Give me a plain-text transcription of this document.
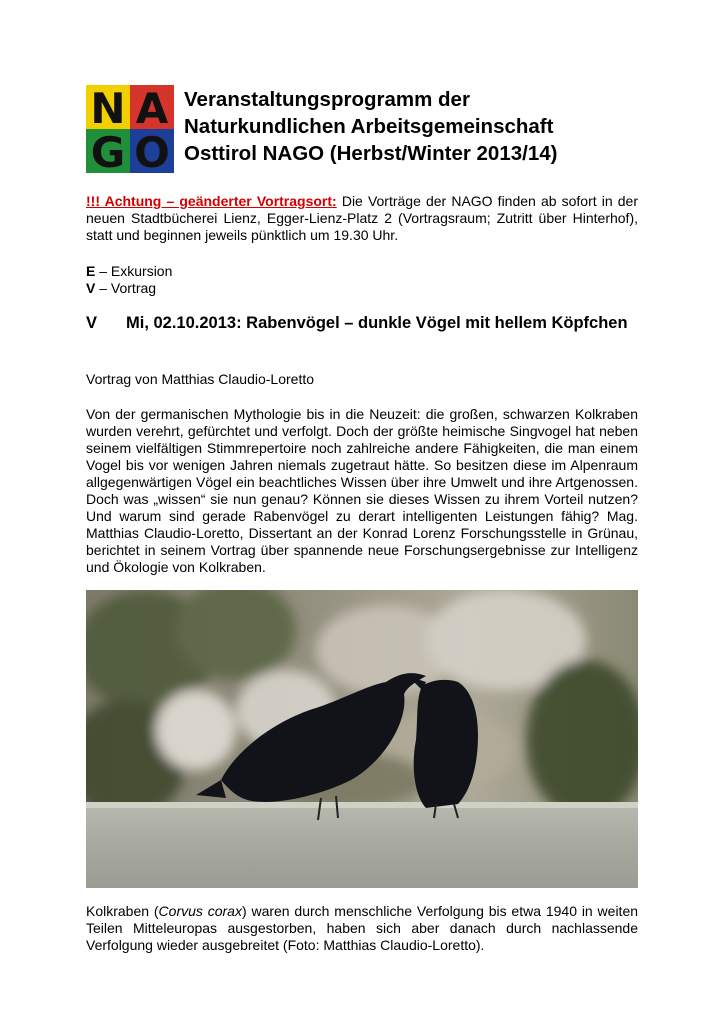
N A
G O
Veranstaltungsprogramm der
Naturkundlichen Arbeitsgemeinschaft
Osttirol NAGO (Herbst/Winter 2013/14)
!!! Achtung – geänderter Vortragsort: Die Vorträge der NAGO finden ab sofort in der neuen Stadtbücherei Lienz, Egger-Lienz-Platz 2 (Vortragsraum; Zutritt über Hinterhof), statt und beginnen jeweils pünktlich um 19.30 Uhr.
E – Exkursion
V – Vortrag
V Mi, 02.10.2013: Rabenvögel – dunkle Vögel mit hellem Köpfchen
Vortrag von Matthias Claudio-Loretto
Von der germanischen Mythologie bis in die Neuzeit: die großen, schwarzen Kolkraben wurden verehrt, gefürchtet und verfolgt. Doch der größte heimische Singvogel hat neben seinem vielfältigen Stimmrepertoire noch zahlreiche andere Fähigkeiten, die man einem Vogel bis vor wenigen Jahren niemals zugetraut hätte. So besitzen diese im Alpenraum allgegenwärtigen Vögel ein beachtliches Wissen über ihre Umwelt und ihre Artgenossen. Doch was „wissen“ sie nun genau? Können sie dieses Wissen zu ihrem Vorteil nutzen? Und warum sind gerade Rabenvögel zu derart intelligenten Leistungen fähig? Mag. Matthias Claudio-Loretto, Dissertant an der Konrad Lorenz Forschungsstelle in Grünau, berichtet in seinem Vortrag über spannende neue Forschungsergebnisse zur Intelligenz und Ökologie von Kolkraben.
Kolkraben (Corvus corax) waren durch menschliche Verfolgung bis etwa 1940 in weiten Teilen Mitteleuropas ausgestorben, haben sich aber danach durch nachlassende Verfolgung wieder ausgebreitet (Foto: Matthias Claudio-Loretto).
